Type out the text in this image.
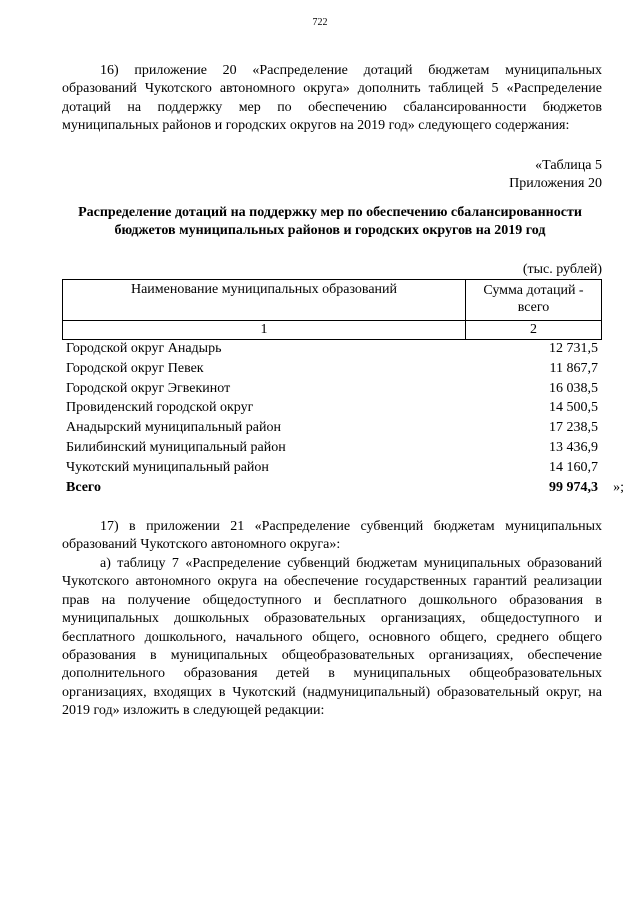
722
16) приложение 20 «Распределение дотаций бюджетам муниципальных образований Чукотского автономного округа» дополнить таблицей 5 «Распределение дотаций на поддержку мер по обеспечению сбалансированности бюджетов муниципальных районов и городских округов на 2019 год» следующего содержания:
«Таблица 5
Приложения 20
Распределение дотаций на поддержку мер по обеспечению сбалансированности бюджетов муниципальных районов и городских округов на 2019 год
(тыс. рублей)
Наименование муниципальных образований	Сумма дотаций - всего
1	2
Городской округ Анадырь	12 731,5
Городской округ Певек	11 867,7
Городской округ Эгвекинот	16 038,5
Провиденский городской округ	14 500,5
Анадырский муниципальный район	17 238,5
Билибинский муниципальный район	13 436,9
Чукотский муниципальный район	14 160,7
Всего	99 974,3 »;
17) в приложении 21 «Распределение субвенций бюджетам муниципальных образований Чукотского автономного округа»:
а) таблицу 7 «Распределение субвенций бюджетам муниципальных образований Чукотского автономного округа на обеспечение государственных гарантий реализации прав на получение общедоступного и бесплатного дошкольного образования в муниципальных дошкольных образовательных организациях, общедоступного и бесплатного дошкольного, начального общего, основного общего, среднего общего образования в муниципальных общеобразовательных организациях, обеспечение дополнительного образования детей в муниципальных общеобразовательных организациях, входящих в Чукотский (надмуниципальный) образовательный округ, на 2019 год» изложить в следующей редакции:
